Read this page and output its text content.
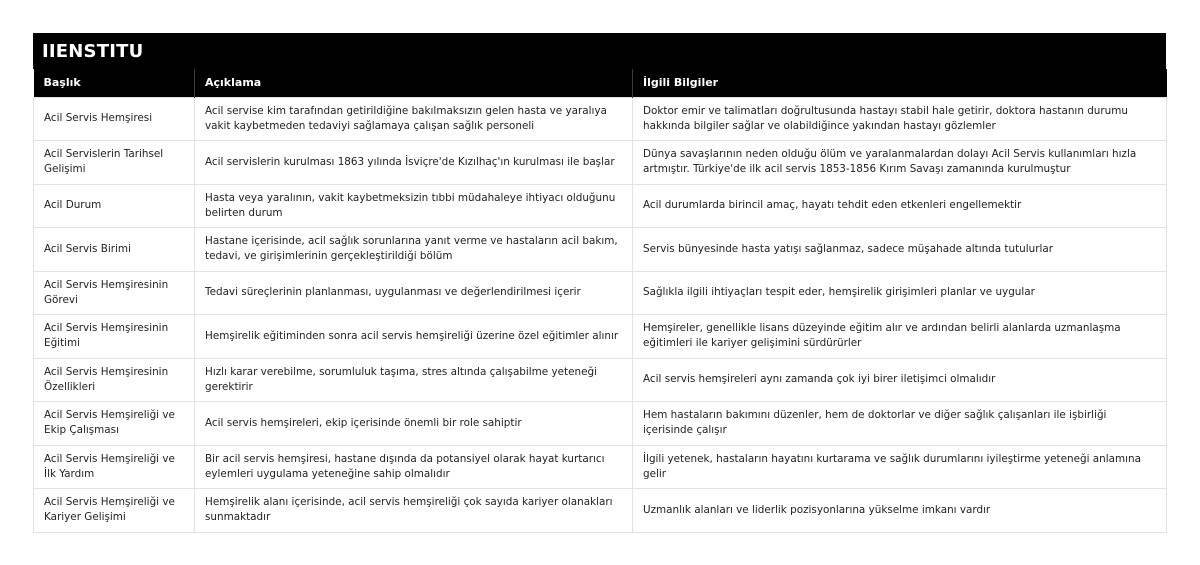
IIENSTITU
Başlık	Açıklama	İlgili Bilgiler
Acil Servis Hemşiresi	Acil servise kim tarafından getirildiğine bakılmaksızın gelen hasta ve yaralıya vakit kaybetmeden tedaviyi sağlamaya çalışan sağlık personeli	Doktor emir ve talimatları doğrultusunda hastayı stabil hale getirir, doktora hastanın durumu hakkında bilgiler sağlar ve olabildiğince yakından hastayı gözlemler
Acil Servislerin Tarihsel Gelişimi	Acil servislerin kurulması 1863 yılında İsviçre'de Kızılhaç'ın kurulması ile başlar	Dünya savaşlarının neden olduğu ölüm ve yaralanmalardan dolayı Acil Servis kullanımları hızla artmıştır. Türkiye'de ilk acil servis 1853-1856 Kırım Savaşı zamanında kurulmuştur
Acil Durum	Hasta veya yaralının, vakit kaybetmeksizin tıbbi müdahaleye ihtiyacı olduğunu belirten durum	Acil durumlarda birincil amaç, hayatı tehdit eden etkenleri engellemektir
Acil Servis Birimi	Hastane içerisinde, acil sağlık sorunlarına yanıt verme ve hastaların acil bakım, tedavi, ve girişimlerinin gerçekleştirildiği bölüm	Servis bünyesinde hasta yatışı sağlanmaz, sadece müşahade altında tutulurlar
Acil Servis Hemşiresinin Görevi	Tedavi süreçlerinin planlanması, uygulanması ve değerlendirilmesi içerir	Sağlıkla ilgili ihtiyaçları tespit eder, hemşirelik girişimleri planlar ve uygular
Acil Servis Hemşiresinin Eğitimi	Hemşirelik eğitiminden sonra acil servis hemşireliği üzerine özel eğitimler alınır	Hemşireler, genellikle lisans düzeyinde eğitim alır ve ardından belirli alanlarda uzmanlaşma eğitimleri ile kariyer gelişimini sürdürürler
Acil Servis Hemşiresinin Özellikleri	Hızlı karar verebilme, sorumluluk taşıma, stres altında çalışabilme yeteneği gerektirir	Acil servis hemşireleri aynı zamanda çok iyi birer iletişimci olmalıdır
Acil Servis Hemşireliği ve Ekip Çalışması	Acil servis hemşireleri, ekip içerisinde önemli bir role sahiptir	Hem hastaların bakımını düzenler, hem de doktorlar ve diğer sağlık çalışanları ile işbirliği içerisinde çalışır
Acil Servis Hemşireliği ve İlk Yardım	Bir acil servis hemşiresi, hastane dışında da potansiyel olarak hayat kurtarıcı eylemleri uygulama yeteneğine sahip olmalıdır	İlgili yetenek, hastaların hayatını kurtarama ve sağlık durumlarını iyileştirme yeteneği anlamına gelir
Acil Servis Hemşireliği ve Kariyer Gelişimi	Hemşirelik alanı içerisinde, acil servis hemşireliği çok sayıda kariyer olanakları sunmaktadır	Uzmanlık alanları ve liderlik pozisyonlarına yükselme imkanı vardır
